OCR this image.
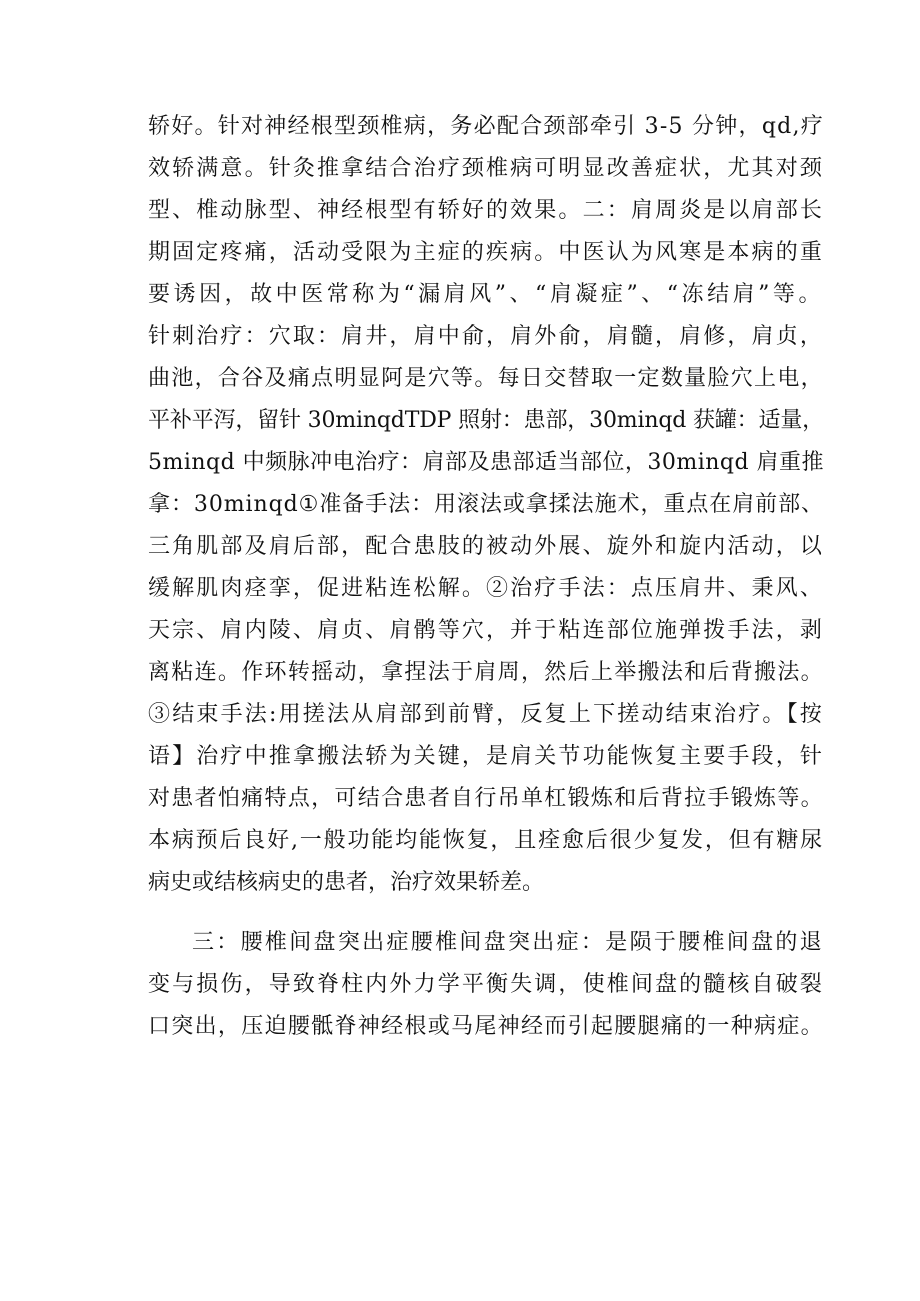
轿好。针对神经根型颈椎病，务必配合颈部牵引 3-5 分钟，qd,疗
效轿满意。针灸推拿结合治疗颈椎病可明显改善症状，尤其对颈
型、椎动脉型、神经根型有轿好的效果。二：肩周炎是以肩部长
期固定疼痛，活动受限为主症的疾病。中医认为风寒是本病的重
要诱因，故中医常称为“漏肩风”、“肩凝症”、“冻结肩”等。
针刺治疗：穴取：肩井，肩中俞，肩外俞，肩髓，肩修，肩贞，
曲池，合谷及痛点明显阿是穴等。每日交替取一定数量脸穴上电，
平补平泻，留针 30minqdTDP 照射：患部，30minqd 获罐：适量，
5minqd 中频脉冲电治疗：肩部及患部适当部位，30minqd 肩重推
拿：30minqd①准备手法：用滚法或拿揉法施术，重点在肩前部、
三角肌部及肩后部，配合患肢的被动外展、旋外和旋内活动，以
缓解肌肉痉挛，促进粘连松解。②治疗手法：点压肩井、秉风、
天宗、肩内陵、肩贞、肩鹘等穴，并于粘连部位施弹拨手法，剥
离粘连。作环转摇动，拿捏法于肩周，然后上举搬法和后背搬法。
③结束手法:用搓法从肩部到前臂，反复上下搓动结束治疗。【按
语】治疗中推拿搬法轿为关键，是肩关节功能恢复主要手段，针
对患者怕痛特点，可结合患者自行吊单杠锻炼和后背拉手锻炼等。
本病预后良好,一般功能均能恢复，且痊愈后很少复发，但有糖尿
病史或结核病史的患者，治疗效果轿差。
三：腰椎间盘突出症腰椎间盘突出症：是陨于腰椎间盘的退
变与损伤，导致脊柱内外力学平衡失调，使椎间盘的髓核自破裂
口突出，压迫腰骶脊神经根或马尾神经而引起腰腿痛的一种病症。
